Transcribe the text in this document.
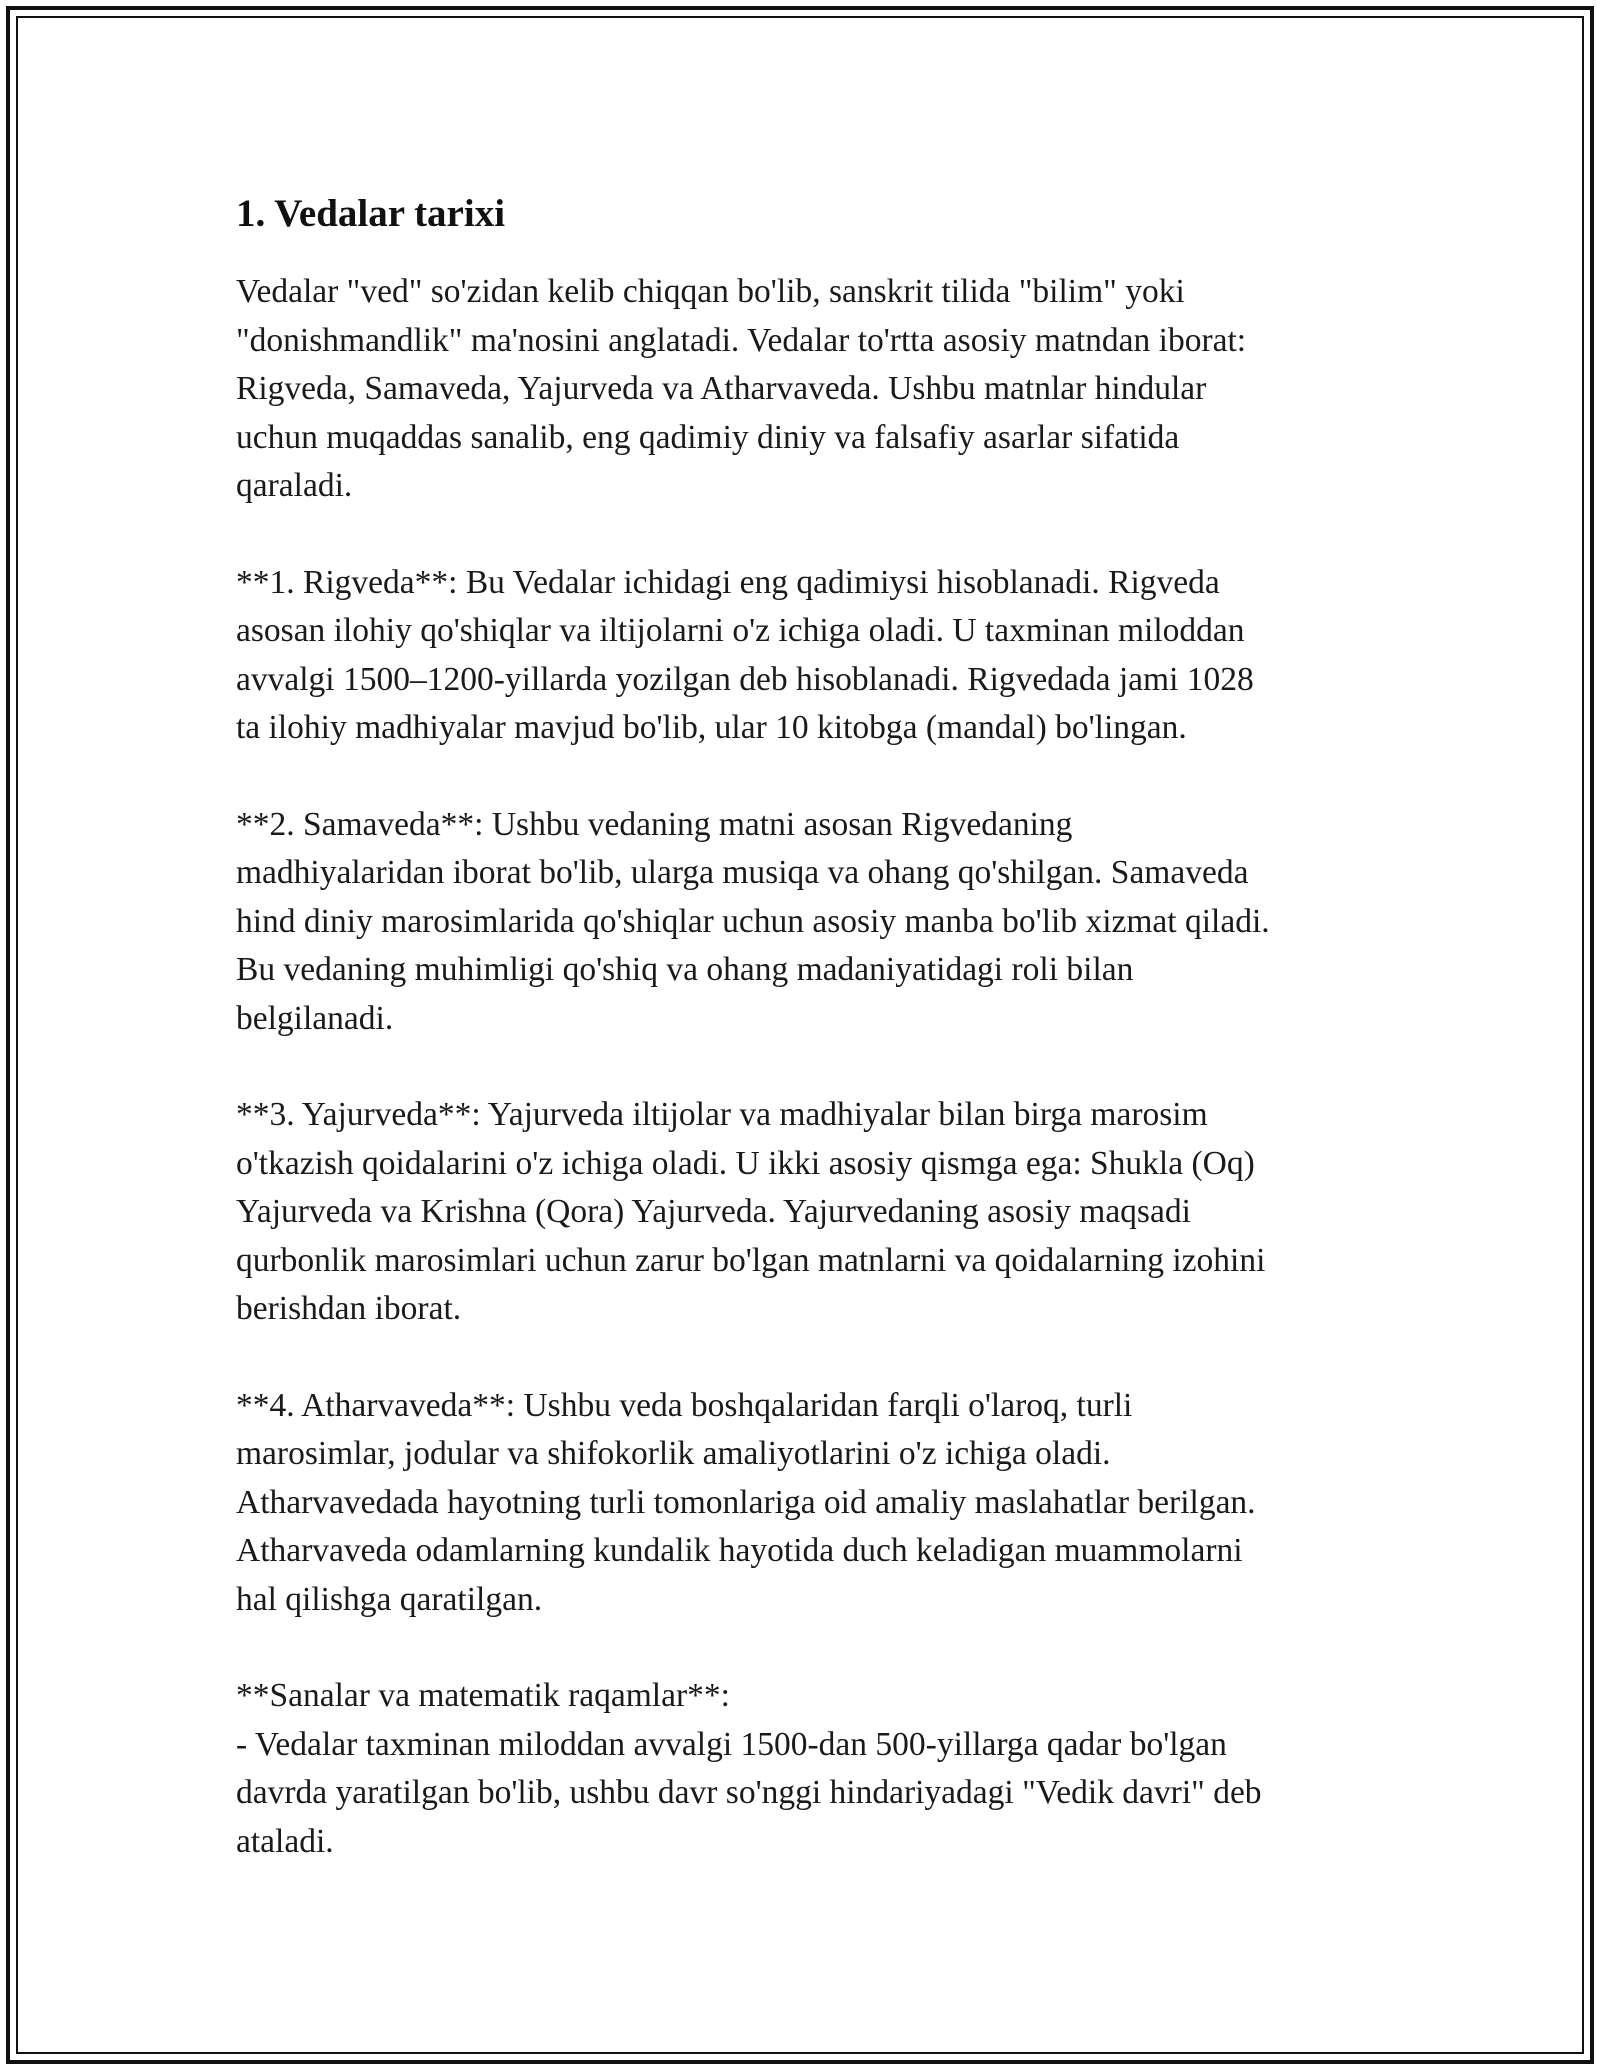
1. Vedalar tarixi
Vedalar "ved" so'zidan kelib chiqqan bo'lib, sanskrit tilida "bilim" yoki
"donishmandlik" ma'nosini anglatadi. Vedalar to'rtta asosiy matndan iborat:
Rigveda, Samaveda, Yajurveda va Atharvaveda. Ushbu matnlar hindular
uchun muqaddas sanalib, eng qadimiy diniy va falsafiy asarlar sifatida
qaraladi.
**1. Rigveda**: Bu Vedalar ichidagi eng qadimiysi hisoblanadi. Rigveda
asosan ilohiy qo'shiqlar va iltijolarni o'z ichiga oladi. U taxminan miloddan
avvalgi 1500–1200-yillarda yozilgan deb hisoblanadi. Rigvedada jami 1028
ta ilohiy madhiyalar mavjud bo'lib, ular 10 kitobga (mandal) bo'lingan.
**2. Samaveda**: Ushbu vedaning matni asosan Rigvedaning
madhiyalaridan iborat bo'lib, ularga musiqa va ohang qo'shilgan. Samaveda
hind diniy marosimlarida qo'shiqlar uchun asosiy manba bo'lib xizmat qiladi.
Bu vedaning muhimligi qo'shiq va ohang madaniyatidagi roli bilan
belgilanadi.
**3. Yajurveda**: Yajurveda iltijolar va madhiyalar bilan birga marosim
o'tkazish qoidalarini o'z ichiga oladi. U ikki asosiy qismga ega: Shukla (Oq)
Yajurveda va Krishna (Qora) Yajurveda. Yajurvedaning asosiy maqsadi
qurbonlik marosimlari uchun zarur bo'lgan matnlarni va qoidalarning izohini
berishdan iborat.
**4. Atharvaveda**: Ushbu veda boshqalaridan farqli o'laroq, turli
marosimlar, jodular va shifokorlik amaliyotlarini o'z ichiga oladi.
Atharvavedada hayotning turli tomonlariga oid amaliy maslahatlar berilgan.
Atharvaveda odamlarning kundalik hayotida duch keladigan muammolarni
hal qilishga qaratilgan.
**Sanalar va matematik raqamlar**:
- Vedalar taxminan miloddan avvalgi 1500-dan 500-yillarga qadar bo'lgan
davrda yaratilgan bo'lib, ushbu davr so'nggi hindariyadagi "Vedik davri" deb
ataladi.
